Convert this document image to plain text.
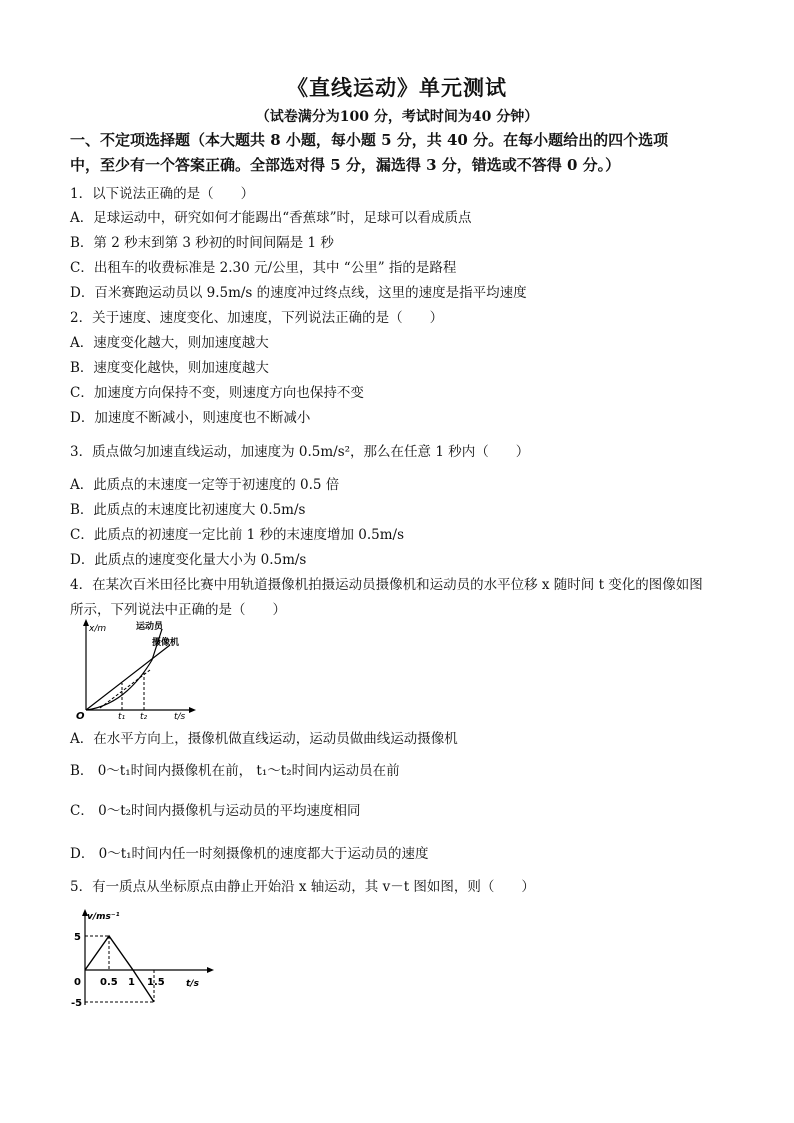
《直线运动》单元测试
（试卷满分为100 分，考试时间为40 分钟）
一、不定项选择题（本大题共 8 小题，每小题 5 分，共 40 分。在每小题给出的四个选项
中，至少有一个答案正确。全部选对得 5 分，漏选得 3 分，错选或不答得 0 分。）
1．以下说法正确的是（　　）
A．足球运动中，研究如何才能踢出“香蕉球”时，足球可以看成质点
B．第 2 秒末到第 3 秒初的时间间隔是 1 秒
C．出租车的收费标准是 2.30 元/公里，其中 “公里” 指的是路程
D．百米赛跑运动员以 9.5m/s 的速度冲过终点线，这里的速度是指平均速度
2．关于速度、速度变化、加速度，下列说法正确的是（　　）
A．速度变化越大，则加速度越大
B．速度变化越快，则加速度越大
C．加速度方向保持不变，则速度方向也保持不变
D．加速度不断减小，则速度也不断减小
3．质点做匀加速直线运动，加速度为 0.5m/s²，那么在任意 1 秒内（　　）
A．此质点的末速度一定等于初速度的 0.5 倍
B．此质点的末速度比初速度大 0.5m/s
C．此质点的初速度一定比前 1 秒的末速度增加 0.5m/s
D．此质点的速度变化量大小为 0.5m/s
4．在某次百米田径比赛中用轨道摄像机拍摄运动员摄像机和运动员的水平位移 x 随时间 t 变化的图像如图
所示，下列说法中正确的是（　　）
x/m
t/s
O
运动员
摄像机
t₁ t₂
A．在水平方向上，摄像机做直线运动，运动员做曲线运动摄像机
B． 0～t₁时间内摄像机在前， t₁～t₂时间内运动员在前
C． 0～t₂时间内摄像机与运动员的平均速度相同
D． 0～t₁时间内任一时刻摄像机的速度都大于运动员的速度
5．有一质点从坐标原点由静止开始沿 x 轴运动，其 v－t 图如图，则（　　）
v/ms⁻¹
t/s
5
-5
0 0.5 1 1.5
